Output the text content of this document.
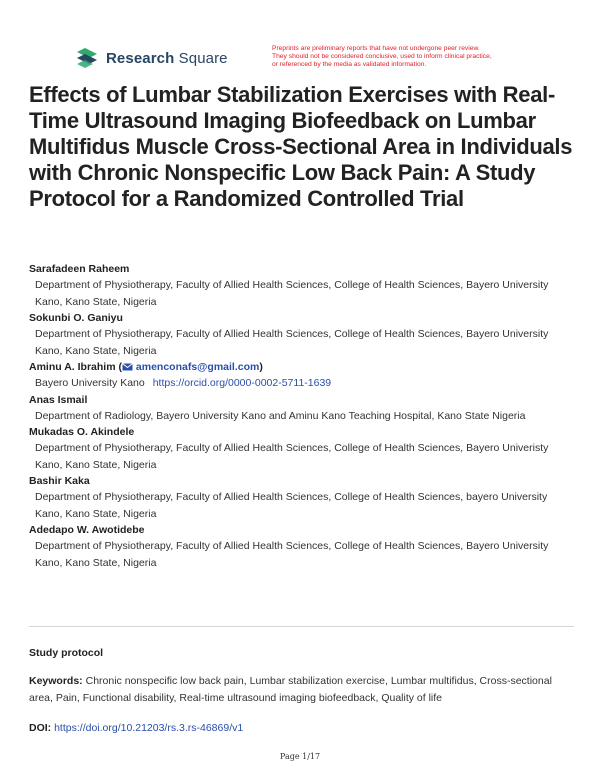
Research Square
Preprints are preliminary reports that have not undergone peer review.
They should not be considered conclusive, used to inform clinical practice,
or referenced by the media as validated information.
Effects of Lumbar Stabilization Exercises with Real-Time Ultrasound Imaging Biofeedback on Lumbar Multifidus Muscle Cross-Sectional Area in Individuals with Chronic Nonspecific Low Back Pain: A Study Protocol for a Randomized Controlled Trial
Sarafadeen Raheem
Department of Physiotherapy, Faculty of Allied Health Sciences, College of Health Sciences, Bayero University Kano, Kano State, Nigeria
Sokunbi O. Ganiyu
Department of Physiotherapy, Faculty of Allied Health Sciences, College of Health Sciences, Bayero University Kano, Kano State, Nigeria
Aminu A. Ibrahim ( amenconafs@gmail.com)
Bayero University Kano https://orcid.org/0000-0002-5711-1639
Anas Ismail
Department of Radiology, Bayero University Kano and Aminu Kano Teaching Hospital, Kano State Nigeria
Mukadas O. Akindele
Department of Physiotherapy, Faculty of Allied Health Sciences, College of Health Sciences, Bayero Univeristy Kano, Kano State, Nigeria
Bashir Kaka
Department of Physiotherapy, Faculty of Allied Health Sciences, College of Health Sciences, bayero University Kano, Kano State, Nigeria
Adedapo W. Awotidebe
Department of Physiotherapy, Faculty of Allied Health Sciences, College of Health Sciences, Bayero University Kano, Kano State, Nigeria
Study protocol
Keywords: Chronic nonspecific low back pain, Lumbar stabilization exercise, Lumbar multifidus, Cross-sectional area, Pain, Functional disability, Real-time ultrasound imaging biofeedback, Quality of life
DOI: https://doi.org/10.21203/rs.3.rs-46869/v1
Page 1/17
